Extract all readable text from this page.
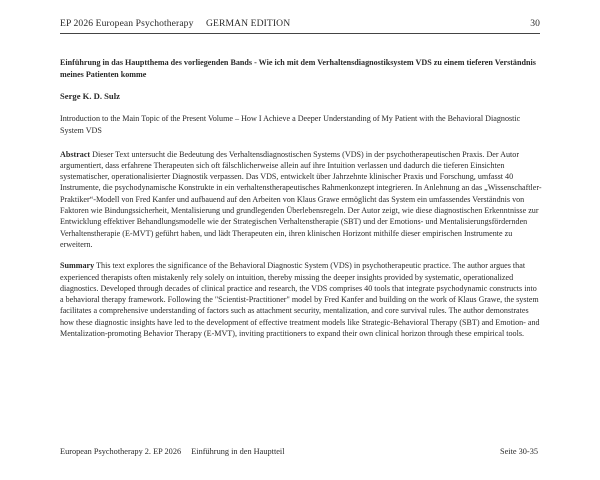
EP 2026 European Psychotherapy GERMAN EDITION	30

Einführung in das Hauptthema des vorliegenden Bands - Wie ich mit dem Verhaltensdiagnostiksystem VDS zu einem tieferen Verständnis meines Patienten komme

Serge K. D. Sulz

Introduction to the Main Topic of the Present Volume – How I Achieve a Deeper Understanding of My Patient with the Behavioral Diagnostic System VDS

Abstract Dieser Text untersucht die Bedeutung des Verhaltensdiagnostischen Systems (VDS) in der psychotherapeutischen Praxis. Der Autor argumentiert, dass erfahrene Therapeuten sich oft fälschlicherweise allein auf ihre Intuition verlassen und dadurch die tieferen Einsichten systematischer, operationalisierter Diagnostik verpassen. Das VDS, entwickelt über Jahrzehnte klinischer Praxis und Forschung, umfasst 40 Instrumente, die psychodynamische Konstrukte in ein verhaltenstherapeutisches Rahmenkonzept integrieren. In Anlehnung an das „Wissenschaftler-Praktiker“-Modell von Fred Kanfer und aufbauend auf den Arbeiten von Klaus Grawe ermöglicht das System ein umfassendes Verständnis von Faktoren wie Bindungssicherheit, Mentalisierung und grundlegenden Überlebensregeln. Der Autor zeigt, wie diese diagnostischen Erkenntnisse zur Entwicklung effektiver Behandlungsmodelle wie der Strategischen Verhaltenstherapie (SBT) und der Emotions- und Mentalisierungsfördernden Verhaltenstherapie (E-MVT) geführt haben, und lädt Therapeuten ein, ihren klinischen Horizont mithilfe dieser empirischen Instrumente zu erweitern.

Summary This text explores the significance of the Behavioral Diagnostic System (VDS) in psychotherapeutic practice. The author argues that experienced therapists often mistakenly rely solely on intuition, thereby missing the deeper insights provided by systematic, operationalized diagnostics. Developed through decades of clinical practice and research, the VDS comprises 40 tools that integrate psychodynamic constructs into a behavioral therapy framework. Following the "Scientist-Practitioner" model by Fred Kanfer and building on the work of Klaus Grawe, the system facilitates a comprehensive understanding of factors such as attachment security, mentalization, and core survival rules. The author demonstrates how these diagnostic insights have led to the development of effective treatment models like Strategic-Behavioral Therapy (SBT) and Emotion- and Mentalization-promoting Behavior Therapy (E-MVT), inviting practitioners to expand their own clinical horizon through these empirical tools.

European Psychotherapy 2. EP 2026 Einführung in den Hauptteil	Seite 30-35
